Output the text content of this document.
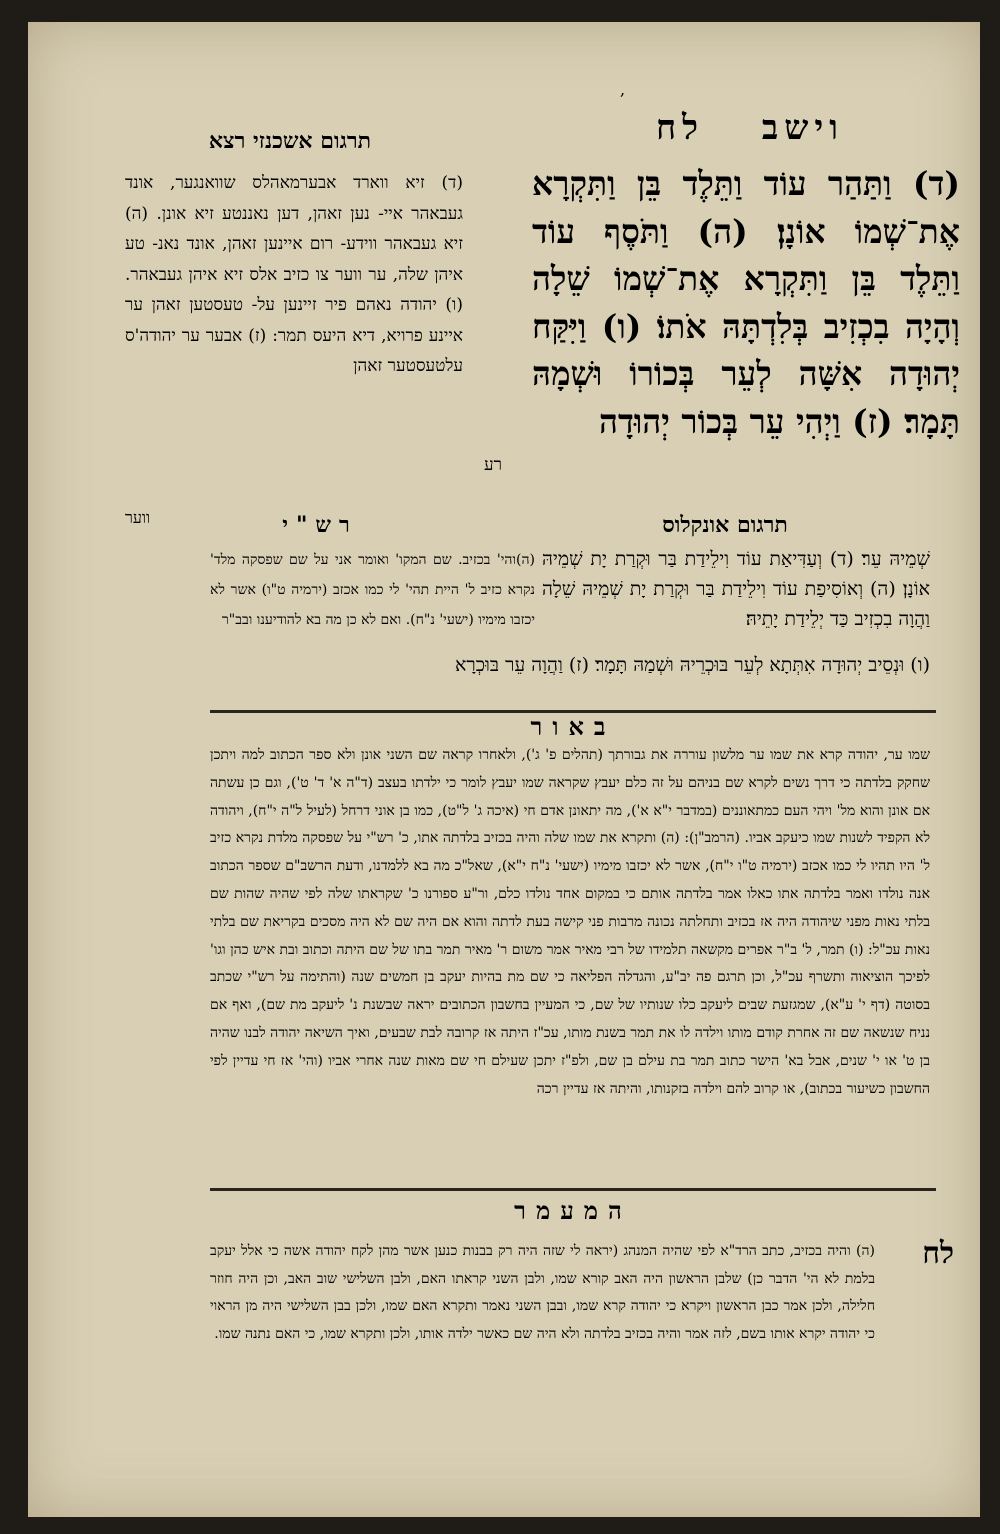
,
וישב לח
תרגום אשכנזי רצא
(ד) וַתַּהַר עוֹד וַתֵּלֶד בֵּן וַתִּקְרָא אֶת־שְׁמוֹ אוֹנָן׃ (ה) וַתֹּסֶף עוֹד וַתֵּלֶד בֵּן וַתִּקְרָא אֶת־שְׁמוֹ שֵׁלָה וְהָיָה בִכְזִיב בְּלִדְתָּהּ אֹתוֹ׃ (ו) וַיִּקַּח יְהוּדָה אִשָּׁה לְעֵר בְּכוֹרוֹ וּשְׁמָהּ תָּמָר׃ (ז) וַיְהִי עֵר בְּכוֹר יְהוּדָה
רע
(ד) זיא ווארד אבערמאהלס שוואנגער, אונד געבאהר איי- נען זאהן, דען נאננטע זיא אונן. (ה) זיא געבאהר ווידע- רום איינען זאהן, אונד נאנ- טע איהן שלה, ער ווער צו כזיב אלס זיא איהן געבאהר. (ו) יהודה נאהם פיר זיינען על- טעסטען זאהן ער איינע פרויא, דיא היעס תמר: (ז) אבער ער יהודה'ס עלטעסטער זאהן
ווער	תרגום אונקלוס
רש"י
שְׁמֵיהּ עֵר׃ (ד) וְעַדִּיאַת עוֹד וִילֵידַת בַּר וּקְרַת יָת שְׁמֵיהּ אוֹנָן׃ (ה) וְאוֹסִיפַת עוֹד וִילֵידַת בַּר וּקְרַת יָת שְׁמֵיהּ שֵׁלָה וַהֲוָה בִכְזִיב כַּד יְלֵידַת יָתֵיהּ׃
(ה)והי' בכזיב. שם המקו' ואומר אני על שם שפסקה מלד' נקרא כזיב ל' היית תהי' לי כמו אכזב (ירמיה ט"ו) אשר לא יכזבו מימיו (ישעי' נ"ח). ואם לא כן מה בא להודיענו ובב"ר
(ו) וּנְסֵיב יְהוּדָה אִתְּתָא לְעֵר בּוּכְרֵיהּ וּשְׁמַהּ תָּמָר׃ (ז) וַהֲוָה עֵר בּוּכְרָא
באור
שמו ער, יהודה קרא את שמו ער מלשון עוררה את גבורתך (תהלים פ' ג'), ולאחרו קראה שם השני אונן ולא ספר הכתוב למה ויתכן שחקק בלדתה כי דרך נשים לקרא שם בניהם על זה כלם יעבץ שקראה שמו יעבץ לומר כי ילדתו בעצב (ד"ה א' ד' ט'), וגם כן עשתה אם אונן והוא מל' ויהי העם כמתאוננים (במדבר י"א א'), מה יתאונן אדם חי (איכה ג' ל"ט), כמו בן אוני דרחל (לעיל ל"ה י"ח), ויהודה לא הקפיד לשנות שמו כיעקב אביו. (הרמב"ן): (ה) ותקרא את שמו שלה והיה בכזיב בלדתה אתו, כ' רש"י על שפסקה מלדת נקרא כזיב ל' היו תהיו לי כמו אכזב (ירמיה ט"ו י"ח), אשר לא יכזבו מימיו (ישעי' נ"ח י"א), שאל"כ מה בא ללמדנו, ודעת הרשב"ם שספר הכתוב אנה נולדו ואמר בלדתה אתו כאלו אמר בלדתה אותם כי במקום אחד נולדו כלם, ור"ע ספורנו כ' שקראתו שלה לפי שהיה שהות שם בלתי נאות מפני שיהודה היה אז בכזיב ותחלתה נכונה מרבות פני קישה בעת לדתה והוא אם היה שם לא היה מסכים בקריאת שם בלתי נאות עכ"ל: (ו) תמר, ל' ב"ר אפרים מקשאה תלמידו של רבי מאיר אמר משום ר' מאיר תמר בתו של שם היתה וכתוב ובת איש כהן וגו' לפיכך הוציאוה ותשרף עכ"ל, וכן תרגם פה יב"ע, והגדלה הפליאה כי שם מת בהיות יעקב בן חמשים שנה (והתימה על רש"י שכתב בסוטה (דף י' ע"א), שמגזעת שבים ליעקב כלו שנותיו של שם, כי המעיין בחשבון הכתובים יראה שבשנת נ' ליעקב מת שם), ואף אם נניח שנשאה שם זה אחרת קודם מותו וילדה לו את תמר בשנת מותו, עכ"ז היתה אז קרובה לבת שבעים, ואיך השיאה יהודה לבנו שהיה בן ט' או י' שנים, אבל בא' הישר כתוב תמר בת עילם בן שם, ולפ"ז יתכן שעילם חי שם מאות שנה אחרי אביו (והי' אז חי עדיין לפי החשבון כשיעור בכתוב), או קרוב להם וילדה בזקנותו, והיתה אז עדיין רכה
המעמר
לח
(ה) והיה בכזיב, כתב הרד"א לפי שהיה המנהג (יראה לי שזה היה רק בבנות כנען אשר מהן לקח יהודה אשה כי אלל יעקב בלמת לא הי' הדבר כן) שלבן הראשון היה האב קורא שמו, ולבן השני קראתו האם, ולבן השלישי שוב האב, וכן היה חוזר חלילה, ולכן אמר כבן הראשון ויקרא כי יהודה קרא שמו, ובבן השני נאמר ותקרא האם שמו, ולכן בבן השלישי היה מן הראוי כי יהודה יקרא אותו בשם, לזה אמר והיה בכזיב בלדתה ולא היה שם כאשר ילדה אותו, ולכן ותקרא שמו, כי האם נתנה שמו.
